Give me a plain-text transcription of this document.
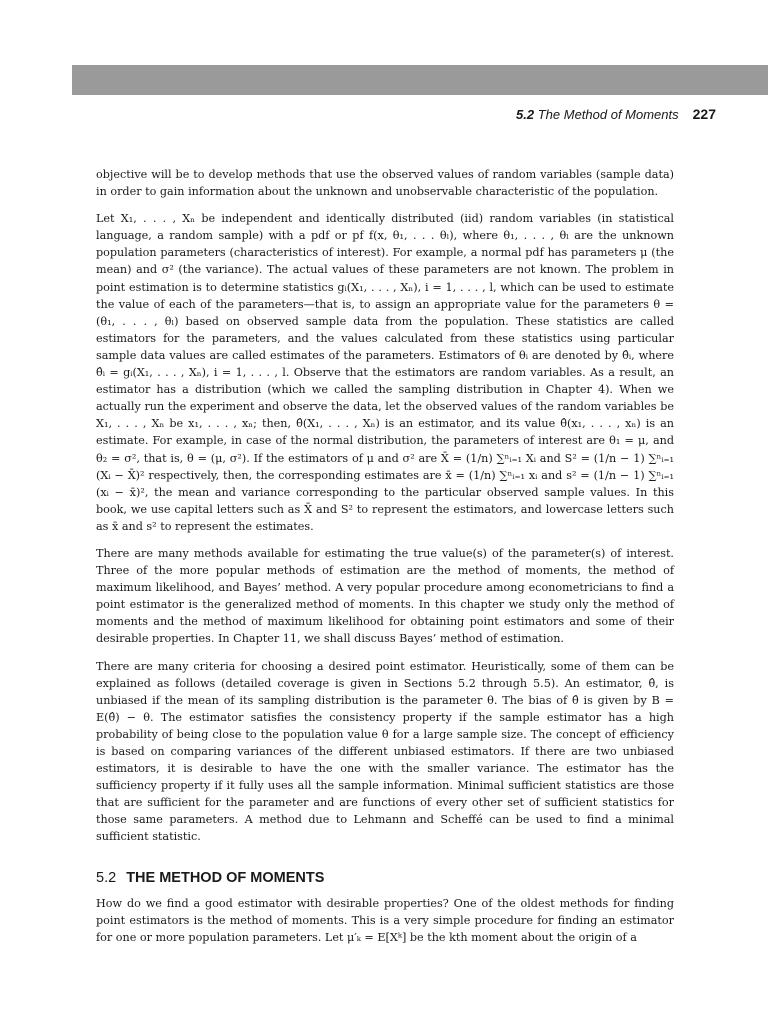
5.2 The Method of Moments 227

objective will be to develop methods that use the observed values of random variables (sample data) in order to gain information about the unknown and unobservable characteristic of the population.

Let X₁, . . . , Xₙ be independent and identically distributed (iid) random variables (in statistical language, a random sample) with a pdf or pf f(x, θ₁, . . . θₗ), where θ₁, . . . , θₗ are the unknown population parameters (characteristics of interest). For example, a normal pdf has parameters μ (the mean) and σ² (the variance). The actual values of these parameters are not known. The problem in point estimation is to determine statistics gᵢ(X₁, . . . , Xₙ), i = 1, . . . , l, which can be used to estimate the value of each of the parameters—that is, to assign an appropriate value for the parameters θ = (θ₁, . . . , θₗ) based on observed sample data from the population. These statistics are called estimators for the parameters, and the values calculated from these statistics using particular sample data values are called estimates of the parameters. Estimators of θᵢ are denoted by θ̂ᵢ, where θ̂ᵢ = gᵢ(X₁, . . . , Xₙ), i = 1, . . . , l. Observe that the estimators are random variables. As a result, an estimator has a distribution (which we called the sampling distribution in Chapter 4). When we actually run the experiment and observe the data, let the observed values of the random variables be X₁, . . . , Xₙ be x₁, . . . , xₙ; then, θ̂(X₁, . . . , Xₙ) is an estimator, and its value θ̂(x₁, . . . , xₙ) is an estimate. For example, in case of the normal distribution, the parameters of interest are θ₁ = μ, and θ₂ = σ², that is, θ = (μ, σ²). If the estimators of μ and σ² are X̄ = (1/n) ∑ⁿᵢ₌₁ Xᵢ and S² = (1/n − 1) ∑ⁿᵢ₌₁ (Xᵢ − X̄)² respectively, then, the corresponding estimates are x̄ = (1/n) ∑ⁿᵢ₌₁ xᵢ and s² = (1/n − 1) ∑ⁿᵢ₌₁ (xᵢ − x̄)², the mean and variance corresponding to the particular observed sample values. In this book, we use capital letters such as X̄ and S² to represent the estimators, and lowercase letters such as x̄ and s² to represent the estimates.

There are many methods available for estimating the true value(s) of the parameter(s) of interest. Three of the more popular methods of estimation are the method of moments, the method of maximum likelihood, and Bayes’ method. A very popular procedure among econometricians to find a point estimator is the generalized method of moments. In this chapter we study only the method of moments and the method of maximum likelihood for obtaining point estimators and some of their desirable properties. In Chapter 11, we shall discuss Bayes’ method of estimation.

There are many criteria for choosing a desired point estimator. Heuristically, some of them can be explained as follows (detailed coverage is given in Sections 5.2 through 5.5). An estimator, θ̂, is unbiased if the mean of its sampling distribution is the parameter θ. The bias of θ̂ is given by B = E(θ̂) − θ. The estimator satisfies the consistency property if the sample estimator has a high probability of being close to the population value θ for a large sample size. The concept of efficiency is based on comparing variances of the different unbiased estimators. If there are two unbiased estimators, it is desirable to have the one with the smaller variance. The estimator has the sufficiency property if it fully uses all the sample information. Minimal sufficient statistics are those that are sufficient for the parameter and are functions of every other set of sufficient statistics for those same parameters. A method due to Lehmann and Scheffé can be used to find a minimal sufficient statistic.

5.2 THE METHOD OF MOMENTS

How do we find a good estimator with desirable properties? One of the oldest methods for finding point estimators is the method of moments. This is a very simple procedure for finding an estimator for one or more population parameters. Let μ′ₖ = E[Xᵏ] be the kth moment about the origin of a
